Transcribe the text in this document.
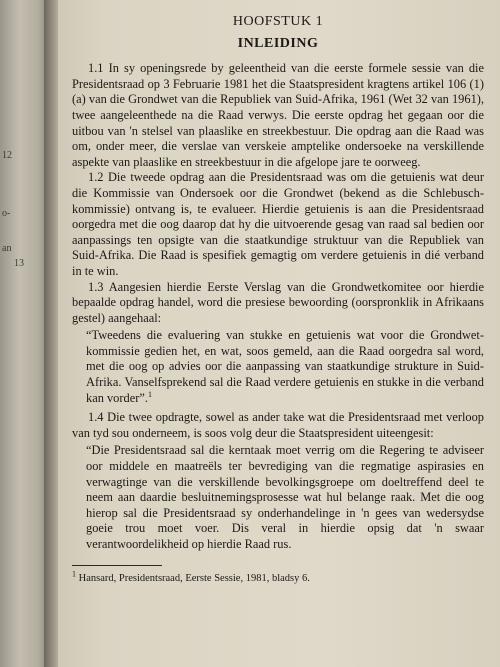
12
o-
an
13

HOOFSTUK 1

INLEIDING

1.1 In sy openingsrede by geleentheid van die eerste formele sessie van die Presidentsraad op 3 Februarie 1981 het die Staatspresident kragtens artikel 106 (1) (a) van die Grondwet van die Republiek van Suid-Afrika, 1961 (Wet 32 van 1961), twee aangeleenthede na die Raad verwys. Die eerste opdrag het gegaan oor die uitbou van 'n stelsel van plaaslike en streekbestuur. Die opdrag aan die Raad was om, onder meer, die verslae van verskeie amptelike ondersoeke na verskillende aspekte van plaaslike en streekbestuur in die afgelope jare te oorweeg.

1.2 Die tweede opdrag aan die Presidentsraad was om die getuienis wat deur die Kommissie van Ondersoek oor die Grondwet (bekend as die Schlebusch-kommissie) ontvang is, te evalueer. Hierdie getuienis is aan die Presidentsraad oorgedra met die oog daarop dat hy die uitvoerende gesag van raad sal bedien oor aanpassings ten opsigte van die staatkundige struktuur van die Republiek van Suid-Afrika. Die Raad is spesifiek gemagtig om verdere getuienis in dié verband in te win.

1.3 Aangesien hierdie Eerste Verslag van die Grondwetkomitee oor hierdie bepaalde opdrag handel, word die presiese bewoording (oorspronklik in Afrikaans gestel) aangehaal:

“Tweedens die evaluering van stukke en getuienis wat voor die Grondwet-kommissie gedien het, en wat, soos gemeld, aan die Raad oorgedra sal word, met die oog op advies oor die aanpassing van staatkundige strukture in Suid-Afrika. Vanselfsprekend sal die Raad verdere getuienis en stukke in die verband kan vorder”.$^1$

1.4 Die twee opdragte, sowel as ander take wat die Presidentsraad met verloop van tyd sou onderneem, is soos volg deur die Staatspresident uiteengesit:

“Die Presidentsraad sal die kerntaak moet verrig om die Regering te adviseer oor middele en maatreëls ter bevrediging van die regmatige aspirasies en verwagtinge van die verskillende bevolkingsgroepe om doeltreffend deel te neem aan daardie besluitnemingsprosesse wat hul belange raak. Met die oog hierop sal die Presidentsraad sy onderhandelinge in 'n gees van wedersydse goeie trou moet voer. Dis veral in hierdie opsig dat 'n swaar verantwoordelikheid op hierdie Raad rus.

$^1$ Hansard, Presidentsraad, Eerste Sessie, 1981, bladsy 6.
